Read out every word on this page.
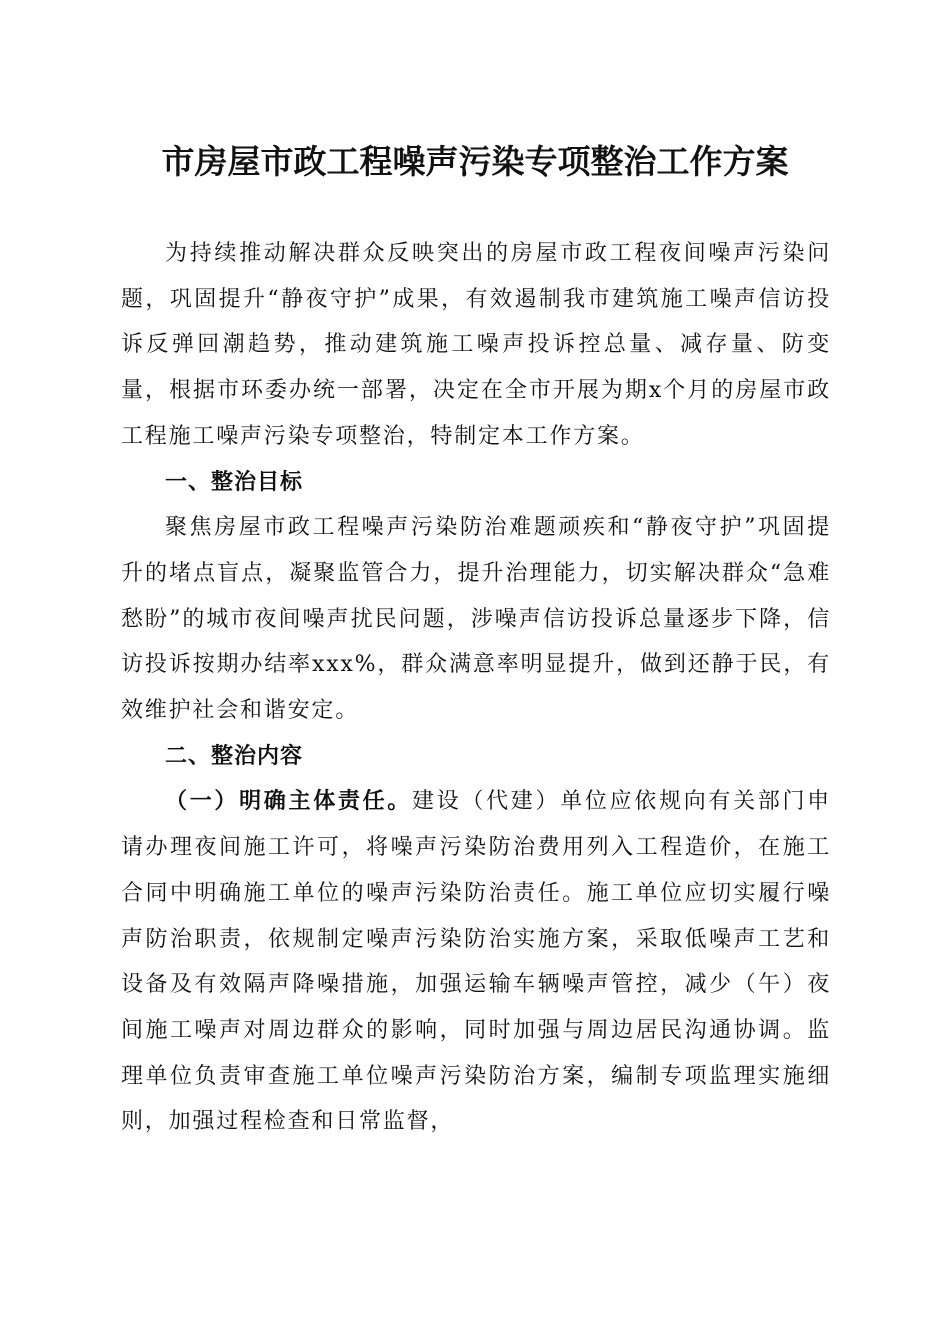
市房屋市政工程噪声污染专项整治工作方案

为持续推动解决群众反映突出的房屋市政工程夜间噪声污染问题，巩固提升“静夜守护”成果，有效遏制我市建筑施工噪声信访投诉反弹回潮趋势，推动建筑施工噪声投诉控总量、减存量、防变量，根据市环委办统一部署，决定在全市开展为期x个月的房屋市政工程施工噪声污染专项整治，特制定本工作方案。

一、整治目标

聚焦房屋市政工程噪声污染防治难题顽疾和“静夜守护”巩固提升的堵点盲点，凝聚监管合力，提升治理能力，切实解决群众“急难愁盼”的城市夜间噪声扰民问题，涉噪声信访投诉总量逐步下降，信访投诉按期办结率xxx%，群众满意率明显提升，做到还静于民，有效维护社会和谐安定。

二、整治内容

（一）明确主体责任。建设（代建）单位应依规向有关部门申请办理夜间施工许可，将噪声污染防治费用列入工程造价，在施工合同中明确施工单位的噪声污染防治责任。施工单位应切实履行噪声防治职责，依规制定噪声污染防治实施方案，采取低噪声工艺和设备及有效隔声降噪措施，加强运输车辆噪声管控，减少（午）夜间施工噪声对周边群众的影响，同时加强与周边居民沟通协调。监理单位负责审查施工单位噪声污染防治方案，编制专项监理实施细则，加强过程检查和日常监督，
